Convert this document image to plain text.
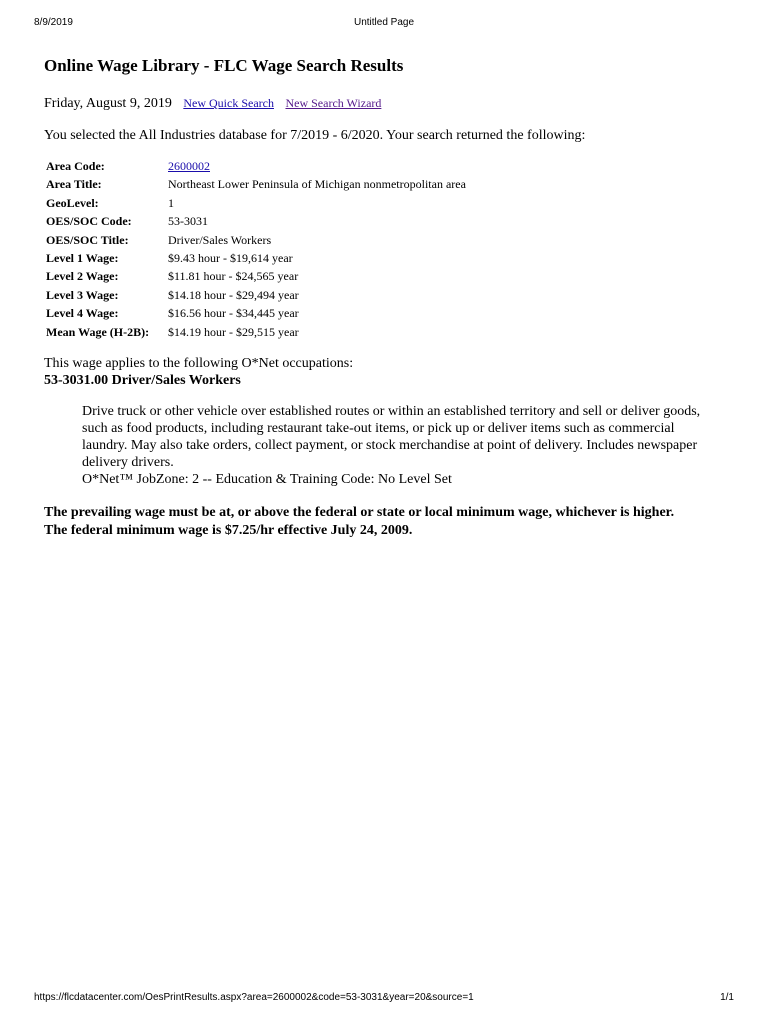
8/9/2019	Untitled Page
Online Wage Library - FLC Wage Search Results
Friday, August 9, 2019 New Quick Search New Search Wizard
You selected the All Industries database for 7/2019 - 6/2020. Your search returned the following:
Area Code:	2600002
Area Title:	Northeast Lower Peninsula of Michigan nonmetropolitan area
GeoLevel:	1
OES/SOC Code:	53-3031
OES/SOC Title:	Driver/Sales Workers
Level 1 Wage:	$9.43 hour - $19,614 year
Level 2 Wage:	$11.81 hour - $24,565 year
Level 3 Wage:	$14.18 hour - $29,494 year
Level 4 Wage:	$16.56 hour - $34,445 year
Mean Wage (H-2B):	$14.19 hour - $29,515 year
This wage applies to the following O*Net occupations:
53-3031.00 Driver/Sales Workers
Drive truck or other vehicle over established routes or within an established territory and sell or deliver goods, such as food products, including restaurant take-out items, or pick up or deliver items such as commercial laundry. May also take orders, collect payment, or stock merchandise at point of delivery. Includes newspaper delivery drivers.
O*Net™ JobZone: 2 -- Education & Training Code: No Level Set
The prevailing wage must be at, or above the federal or state or local minimum wage, whichever is higher.
The federal minimum wage is $7.25/hr effective July 24, 2009.
https://flcdatacenter.com/OesPrintResults.aspx?area=2600002&code=53-3031&year=20&source=1	1/1
